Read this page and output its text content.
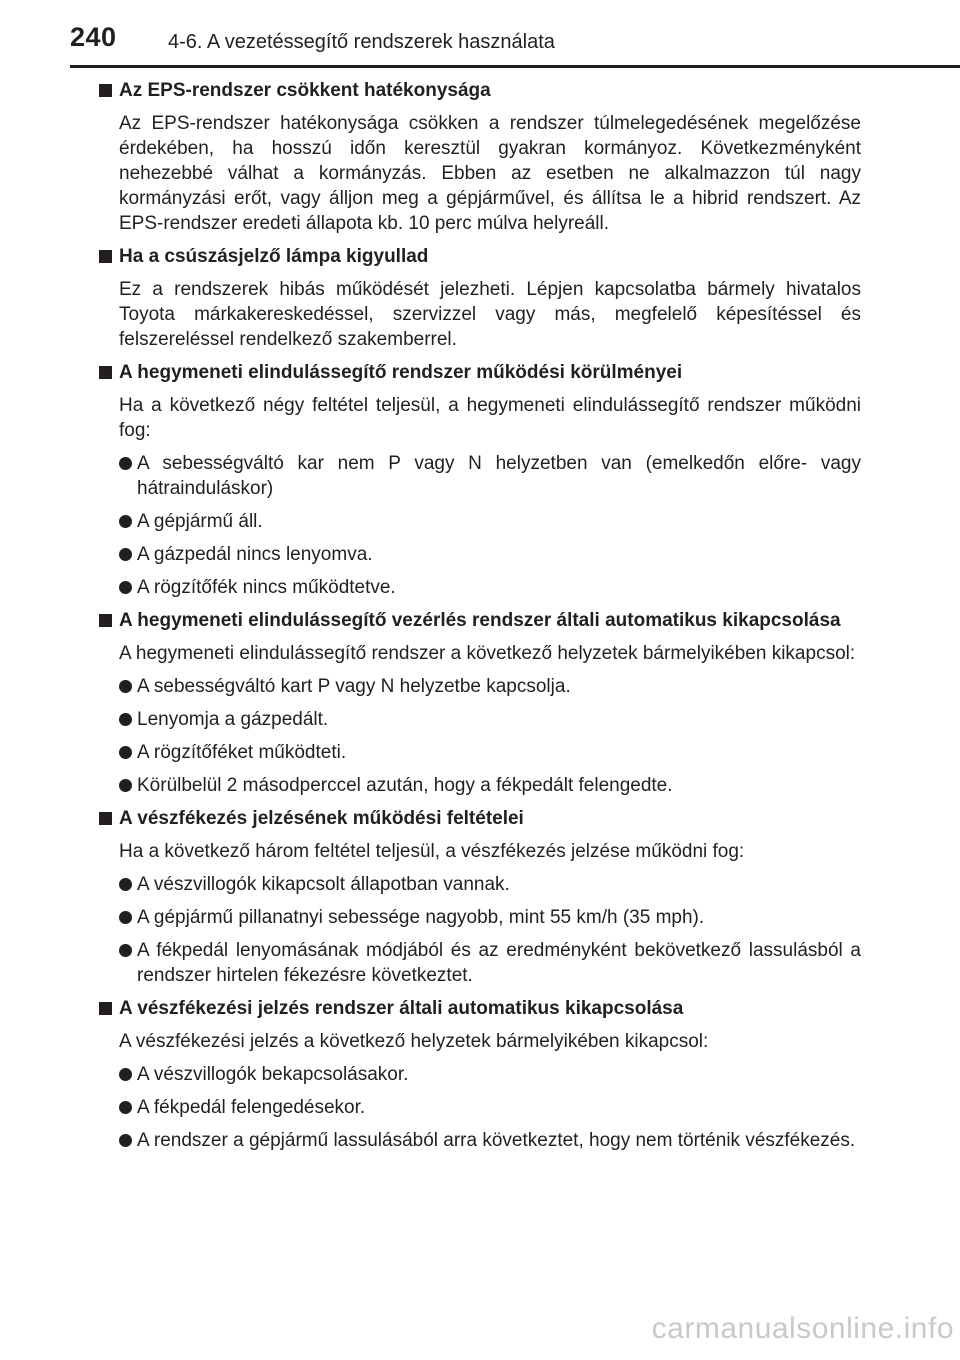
240	4-6. A vezetéssegítő rendszerek használata
Az EPS-rendszer csökkent hatékonysága
Az EPS-rendszer hatékonysága csökken a rendszer túlmelegedésének megelőzése érdekében, ha hosszú időn keresztül gyakran kormányoz. Következményként nehezebbé válhat a kormányzás. Ebben az esetben ne alkalmazzon túl nagy kormányzási erőt, vagy álljon meg a gépjárművel, és állítsa le a hibrid rendszert. Az EPS-rendszer eredeti állapota kb. 10 perc múlva helyreáll.
Ha a csúszásjelző lámpa kigyullad
Ez a rendszerek hibás működését jelezheti. Lépjen kapcsolatba bármely hivatalos Toyota márkakereskedéssel, szervizzel vagy más, megfelelő képesítéssel és felszereléssel rendelkező szakemberrel.
A hegymeneti elindulássegítő rendszer működési körülményei
Ha a következő négy feltétel teljesül, a hegymeneti elindulássegítő rendszer működni fog:
A sebességváltó kar nem P vagy N helyzetben van (emelkedőn előre- vagy hátrainduláskor)
A gépjármű áll.
A gázpedál nincs lenyomva.
A rögzítőfék nincs működtetve.
A hegymeneti elindulássegítő vezérlés rendszer általi automatikus kikapcsolása
A hegymeneti elindulássegítő rendszer a következő helyzetek bármelyikében kikapcsol:
A sebességváltó kart P vagy N helyzetbe kapcsolja.
Lenyomja a gázpedált.
A rögzítőféket működteti.
Körülbelül 2 másodperccel azután, hogy a fékpedált felengedte.
A vészfékezés jelzésének működési feltételei
Ha a következő három feltétel teljesül, a vészfékezés jelzése működni fog:
A vészvillogók kikapcsolt állapotban vannak.
A gépjármű pillanatnyi sebessége nagyobb, mint 55 km/h (35 mph).
A fékpedál lenyomásának módjából és az eredményként bekövetkező lassulásból a rendszer hirtelen fékezésre következtet.
A vészfékezési jelzés rendszer általi automatikus kikapcsolása
A vészfékezési jelzés a következő helyzetek bármelyikében kikapcsol:
A vészvillogók bekapcsolásakor.
A fékpedál felengedésekor.
A rendszer a gépjármű lassulásából arra következtet, hogy nem történik vészfékezés.
carmanualsonline.info
